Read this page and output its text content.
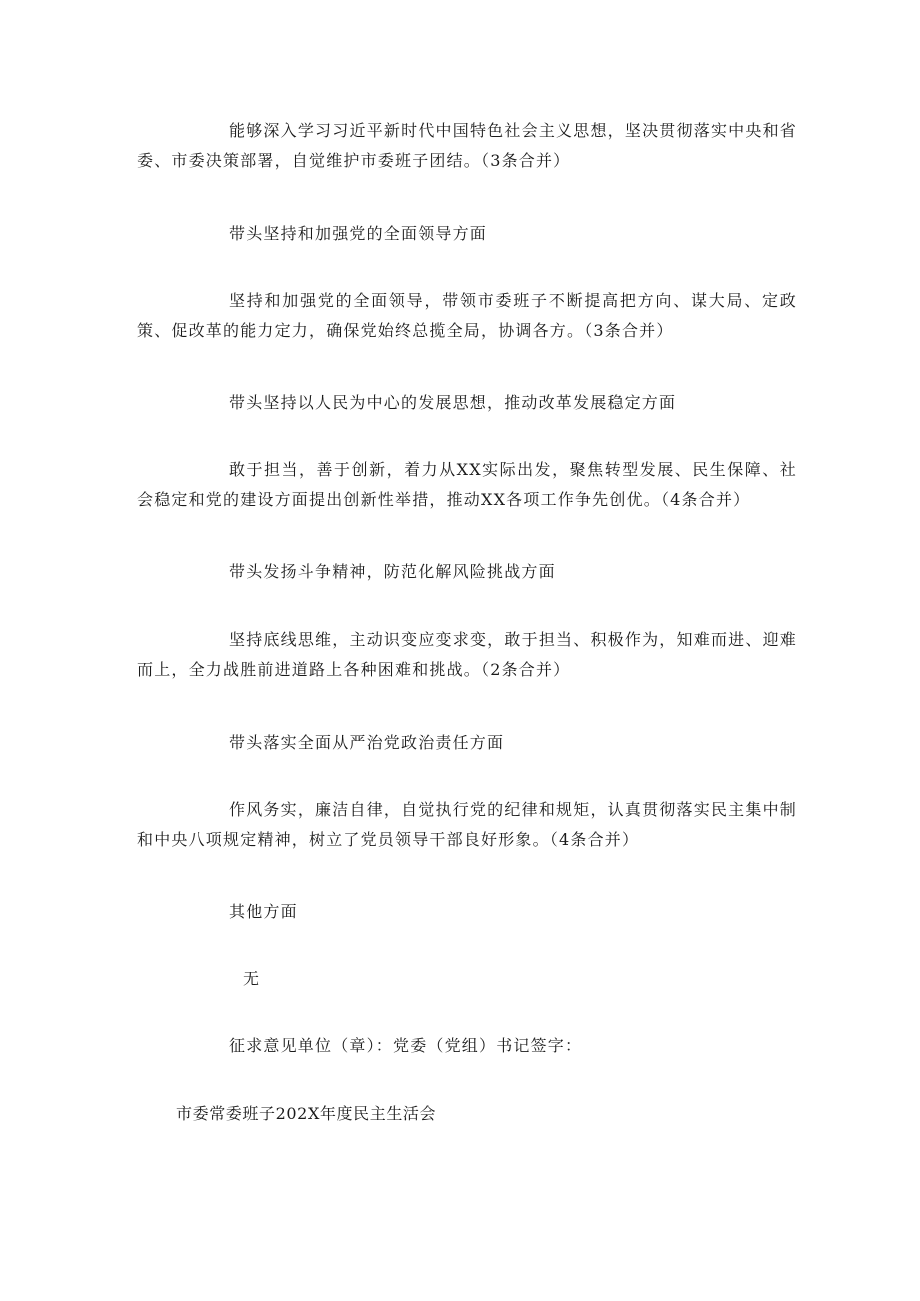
能够深入学习习近平新时代中国特色社会主义思想，坚决贯彻落实中央和省委、市委决策部署，自觉维护市委班子团结。（3条合并）

带头坚持和加强党的全面领导方面

坚持和加强党的全面领导，带领市委班子不断提高把方向、谋大局、定政策、促改革的能力定力，确保党始终总揽全局，协调各方。（3条合并）

带头坚持以人民为中心的发展思想，推动改革发展稳定方面

敢于担当，善于创新，着力从XX实际出发，聚焦转型发展、民生保障、社会稳定和党的建设方面提出创新性举措，推动XX各项工作争先创优。（4条合并）

带头发扬斗争精神，防范化解风险挑战方面

坚持底线思维，主动识变应变求变，敢于担当、积极作为，知难而进、迎难而上，全力战胜前进道路上各种困难和挑战。（2条合并）

带头落实全面从严治党政治责任方面

作风务实，廉洁自律，自觉执行党的纪律和规矩，认真贯彻落实民主集中制和中央八项规定精神，树立了党员领导干部良好形象。（4条合并）

其他方面

无

征求意见单位（章）：党委（党组）书记签字：

市委常委班子202X年度民主生活会
